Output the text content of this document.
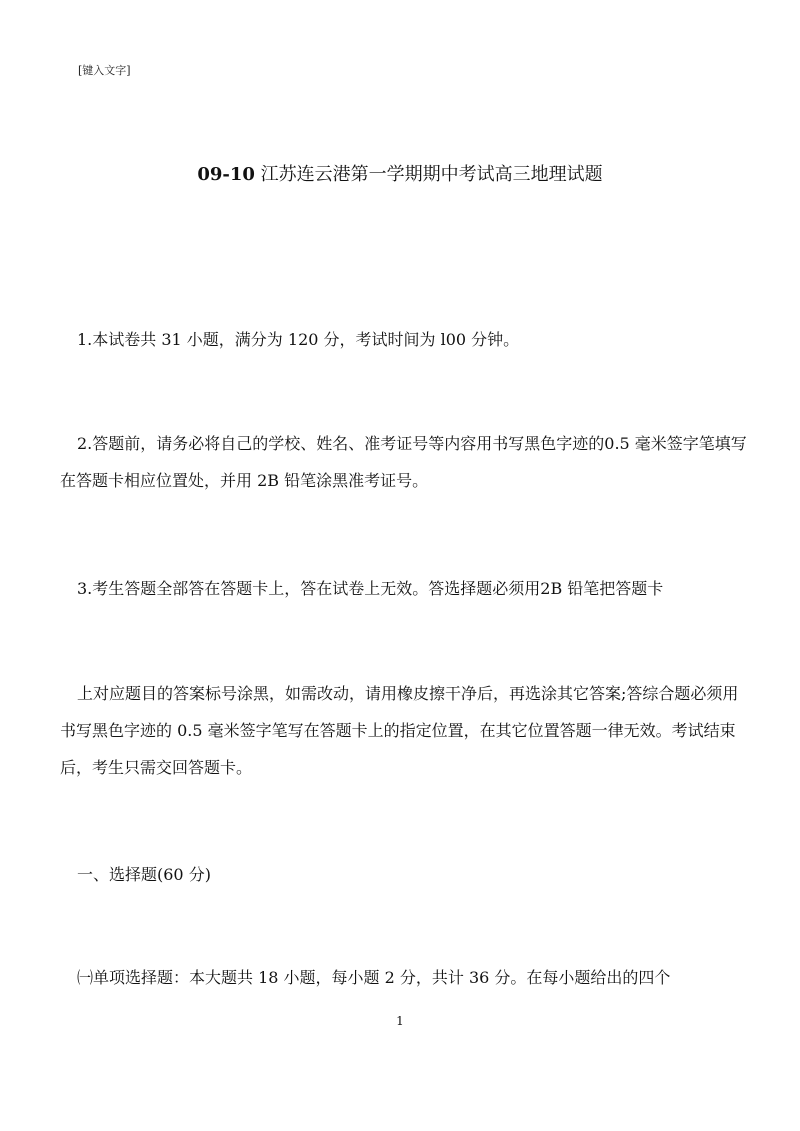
[键入文字]
09-10 江苏连云港第一学期期中考试高三地理试题

1.本试卷共 31 小题，满分为 120 分，考试时间为 l00 分钟。

2.答题前，请务必将自己的学校、姓名、准考证号等内容用书写黑色字迹的0.5 毫米签字笔填写在答题卡相应位置处，并用 2B 铅笔涂黑准考证号。

3.考生答题全部答在答题卡上，答在试卷上无效。答选择题必须用2B 铅笔把答题卡

上对应题目的答案标号涂黑，如需改动，请用橡皮擦干净后，再选涂其它答案;答综合题必须用书写黑色字迹的 0.5 毫米签字笔写在答题卡上的指定位置，在其它位置答题一律无效。考试结束后，考生只需交回答题卡。

一、选择题(60 分)

㈠单项选择题：本大题共 18 小题，每小题 2 分，共计 36 分。在每小题给出的四个

1
